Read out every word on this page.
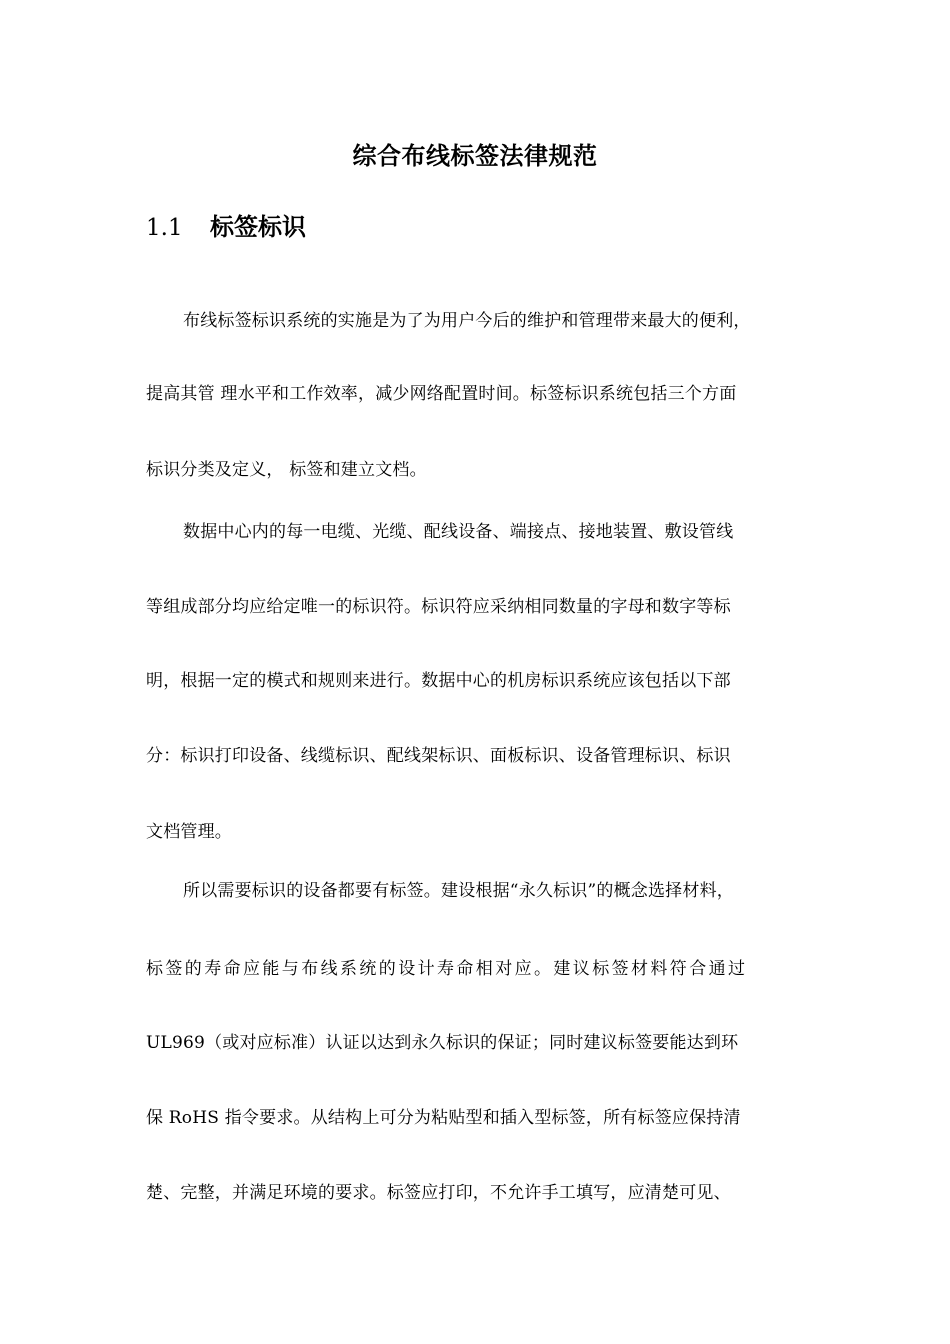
综合布线标签法律规范
1.1 标签标识
布线标签标识系统的实施是为了为用户今后的维护和管理带来最大的便利，
提高其管 理水平和工作效率，减少网络配置时间。标签标识系统包括三个方面
标识分类及定义， 标签和建立文档。
数据中心内的每一电缆、光缆、配线设备、端接点、接地装置、敷设管线
等组成部分均应给定唯一的标识符。标识符应采纳相同数量的字母和数字等标
明，根据一定的模式和规则来进行。数据中心的机房标识系统应该包括以下部
分：标识打印设备、线缆标识、配线架标识、面板标识、设备管理标识、标识
文档管理。
所以需要标识的设备都要有标签。建设根据“永久标识”的概念选择材料，
标签的寿命应能与布线系统的设计寿命相对应。建议标签材料符合通过
UL969（或对应标准）认证以达到永久标识的保证；同时建议标签要能达到环
保 RoHS 指令要求。从结构上可分为粘贴型和插入型标签，所有标签应保持清
楚、完整，并满足环境的要求。标签应打印，不允许手工填写，应清楚可见、
